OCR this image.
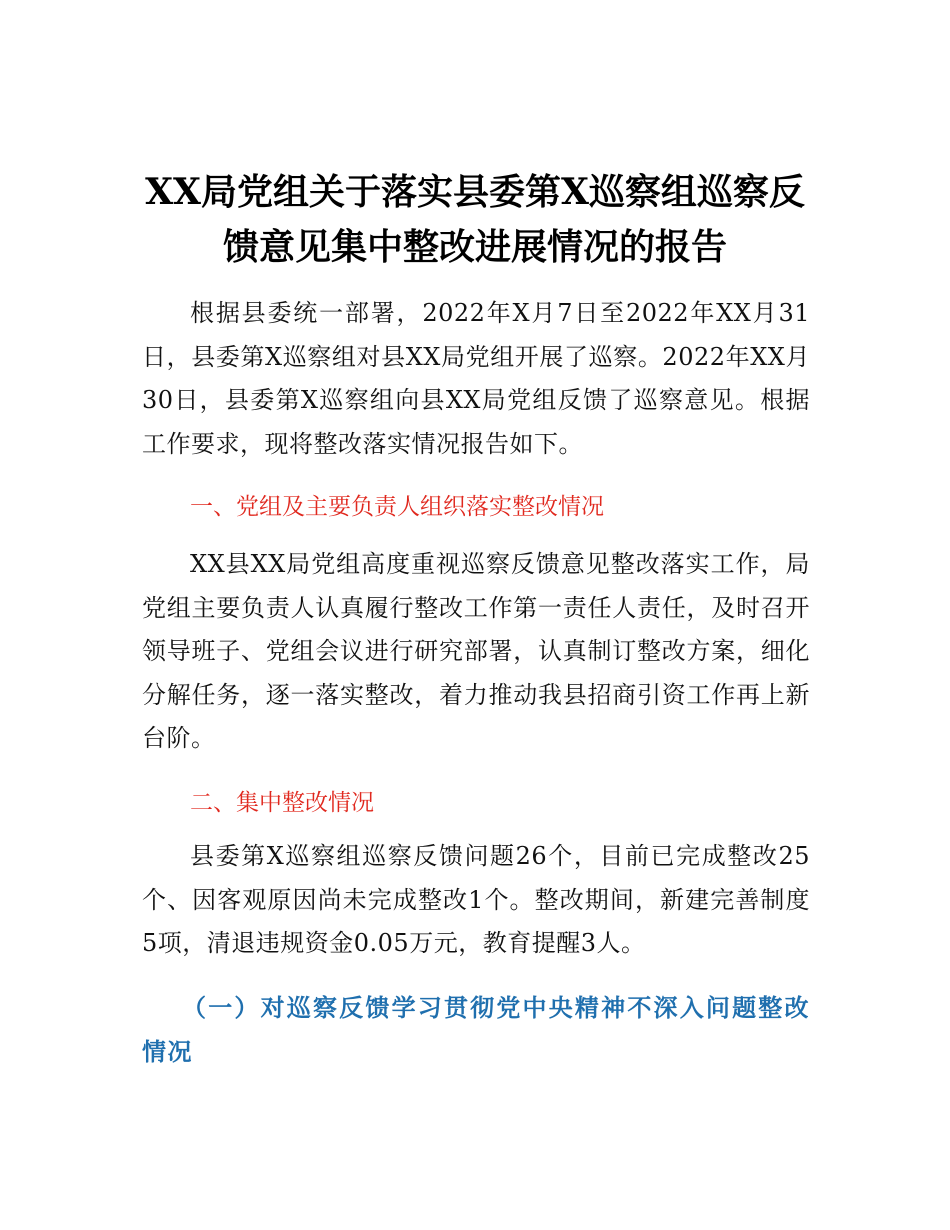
XX局党组关于落实县委第X巡察组巡察反
馈意见集中整改进展情况的报告

根据县委统一部署，2022年X月7日至2022年XX月31日，县委第X巡察组对县XX局党组开展了巡察。2022年XX月30日，县委第X巡察组向县XX局党组反馈了巡察意见。根据工作要求，现将整改落实情况报告如下。

一、党组及主要负责人组织落实整改情况

XX县XX局党组高度重视巡察反馈意见整改落实工作，局党组主要负责人认真履行整改工作第一责任人责任，及时召开领导班子、党组会议进行研究部署，认真制订整改方案，细化分解任务，逐一落实整改，着力推动我县招商引资工作再上新台阶。

二、集中整改情况

县委第X巡察组巡察反馈问题26个，目前已完成整改25个、因客观原因尚未完成整改1个。整改期间，新建完善制度5项，清退违规资金0.05万元，教育提醒3人。

（一）对巡察反馈学习贯彻党中央精神不深入问题整改情况
